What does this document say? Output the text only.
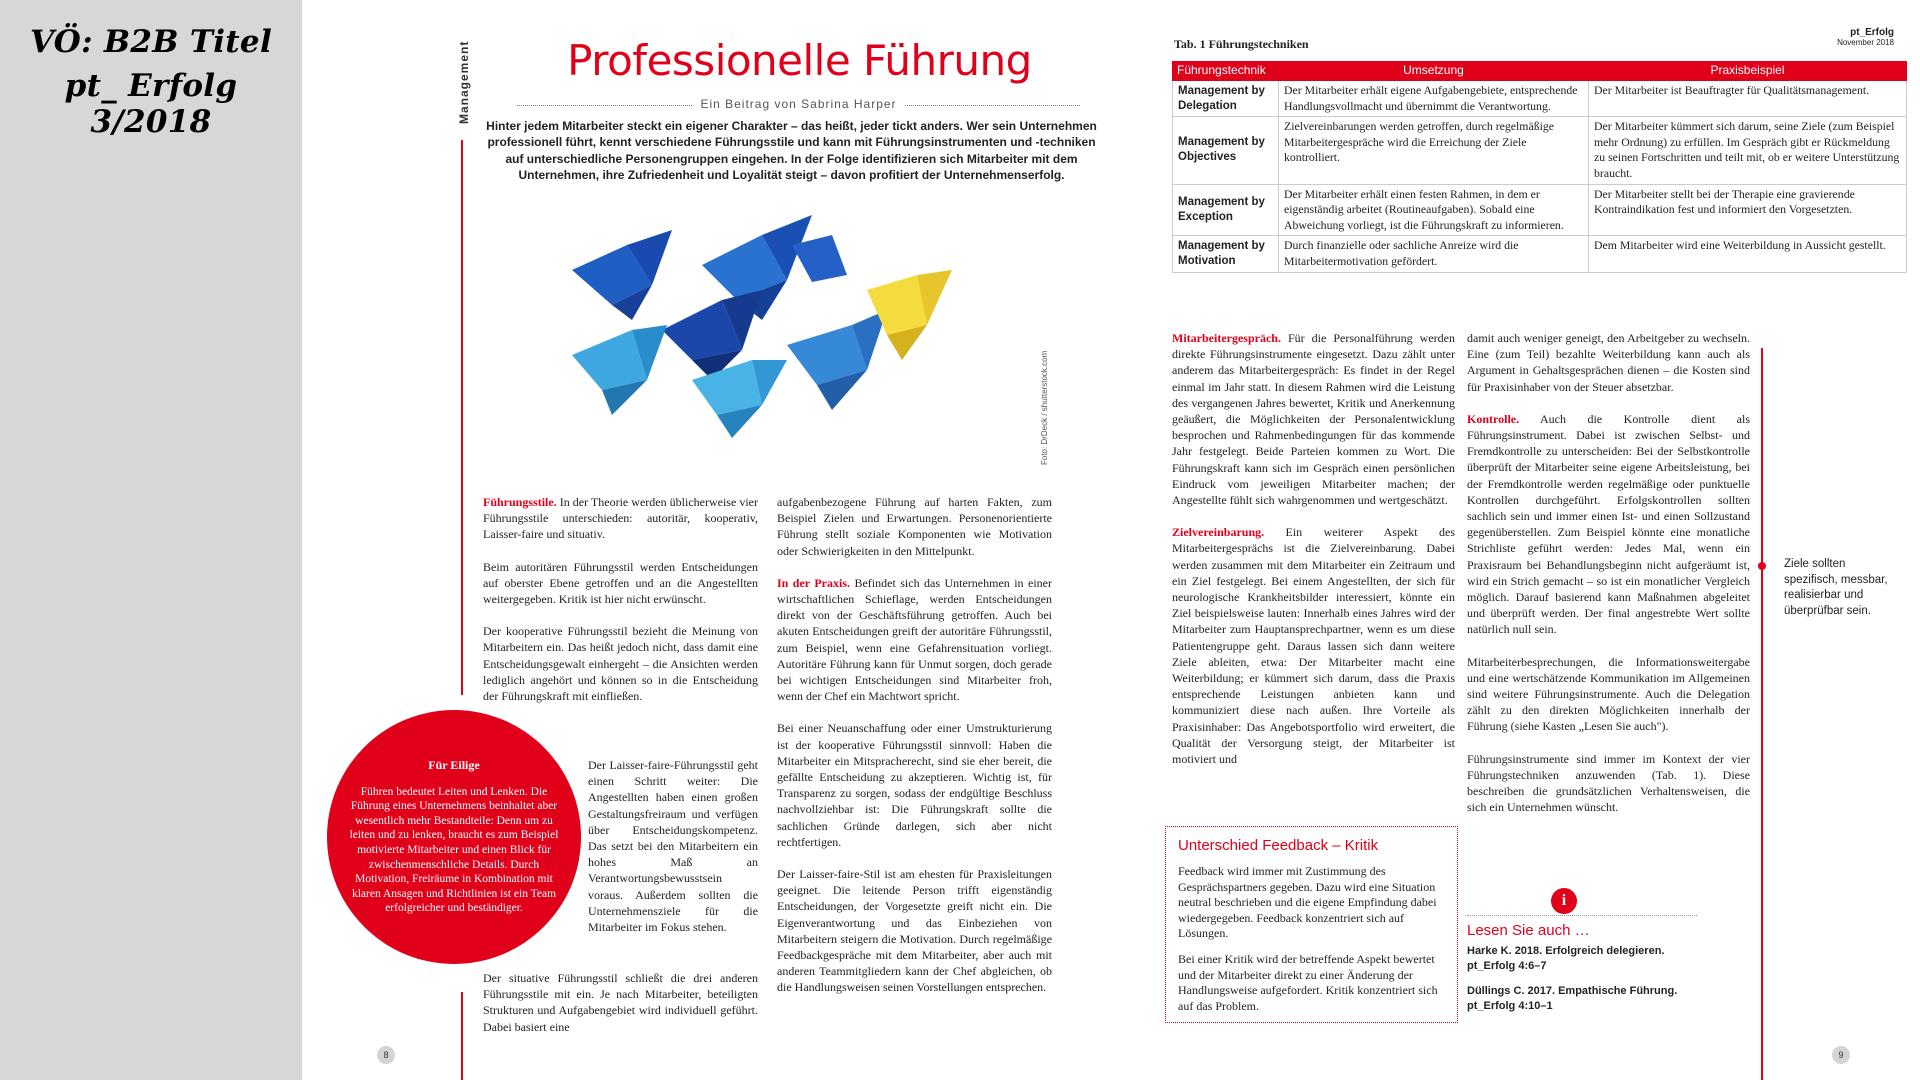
VÖ: B2B Titel
pt_ Erfolg 3/2018	Management	Professionelle Führung
Ein Beitrag von Sabrina Harper
Hinter jedem Mitarbeiter steckt ein eigener Charakter – das heißt, jeder tickt anders. Wer sein Unternehmen professionell führt, kennt verschiedene Führungsstile und kann mit Führungsinstrumenten und -techniken auf unterschiedliche Personengruppen eingehen. In der Folge identifizieren sich Mitarbeiter mit dem Unternehmen, ihre Zufriedenheit und Loyalität steigt – davon profitiert der Unternehmenserfolg.
Foto: DrDeck / shutterstock.com

Führungsstile. In der Theorie werden üblicherweise vier Führungsstile unterschieden: autoritär, kooperativ, Laisser-faire und situativ.

Beim autoritären Führungsstil werden Entscheidungen auf oberster Ebene getroffen und an die Angestellten weitergegeben. Kritik ist hier nicht erwünscht.

Der kooperative Führungsstil bezieht die Meinung von Mitarbeitern ein. Das heißt jedoch nicht, dass damit eine Entscheidungsgewalt einhergeht – die Ansichten werden lediglich angehört und können so in die Entscheidung der Führungskraft mit einfließen.

Der Laisser-faire-Führungsstil geht einen Schritt weiter: Die Angestellten haben einen großen Gestaltungsfreiraum und verfügen über Entscheidungskompetenz. Das setzt bei den Mitarbeitern ein hohes Maß an Verantwortungsbewusstsein voraus. Außerdem sollten die Unternehmensziele für die Mitarbeiter im Fokus stehen.

Der situative Führungsstil schließt die drei anderen Führungsstile mit ein. Je nach Mitarbeiter, beteiligten Strukturen und Aufgabengebiet wird individuell geführt. Dabei basiert eine

aufgabenbezogene Führung auf harten Fakten, zum Beispiel Zielen und Erwartungen. Personenorientierte Führung stellt soziale Komponenten wie Motivation oder Schwierigkeiten in den Mittelpunkt.

In der Praxis. Befindet sich das Unternehmen in einer wirtschaftlichen Schieflage, werden Entscheidungen direkt von der Geschäftsführung getroffen. Auch bei akuten Entscheidungen greift der autoritäre Führungsstil, zum Beispiel, wenn eine Gefahrensituation vorliegt. Autoritäre Führung kann für Unmut sorgen, doch gerade bei wichtigen Entscheidungen sind Mitarbeiter froh, wenn der Chef ein Machtwort spricht.

Bei einer Neuanschaffung oder einer Umstrukturierung ist der kooperative Führungsstil sinnvoll: Haben die Mitarbeiter ein Mitspracherecht, sind sie eher bereit, die gefällte Entscheidung zu akzeptieren. Wichtig ist, für Transparenz zu sorgen, sodass der endgültige Beschluss nachvollziehbar ist: Die Führungskraft sollte die sachlichen Gründe darlegen, sich aber nicht rechtfertigen.

Der Laisser-faire-Stil ist am ehesten für Praxisleitungen geeignet. Die leitende Person trifft eigenständig Entscheidungen, der Vorgesetzte greift nicht ein. Die Eigenverantwortung und das Einbeziehen von Mitarbeitern steigern die Motivation. Durch regelmäßige Feedbackgespräche mit dem Mitarbeiter, aber auch mit anderen Teammitgliedern kann der Chef abgleichen, ob die Handlungsweisen seinen Vorstellungen entsprechen.

Für Eilige
Führen bedeutet Leiten und Lenken. Die Führung eines Unternehmens beinhaltet aber wesentlich mehr Bestandteile: Denn um zu leiten und zu lenken, braucht es zum Beispiel motivierte Mitarbeiter und einen Blick für zwischenmenschliche Details. Durch Motivation, Freiräume in Kombination mit klaren Ansagen und Richtlinien ist ein Team erfolgreicher und beständiger.
8
Tab. 1 Führungstechniken
pt_Erfolg
November 2018
Führungstechnik	Umsetzung	Praxisbeispiel
Management by Delegation	Der Mitarbeiter erhält eigene Aufgabengebiete, entsprechende Handlungsvollmacht und übernimmt die Verantwortung.	Der Mitarbeiter ist Beauftragter für Qualitätsmanagement.
Management by Objectives	Zielvereinbarungen werden getroffen, durch regelmäßige Mitarbeitergespräche wird die Erreichung der Ziele kontrolliert.	Der Mitarbeiter kümmert sich darum, seine Ziele (zum Beispiel mehr Ordnung) zu erfüllen. Im Gespräch gibt er Rückmeldung zu seinen Fortschritten und teilt mit, ob er weitere Unterstützung braucht.
Management by Exception	Der Mitarbeiter erhält einen festen Rahmen, in dem er eigenständig arbeitet (Routineaufgaben). Sobald eine Abweichung vorliegt, ist die Führungskraft zu informieren.	Der Mitarbeiter stellt bei der Therapie eine gravierende Kontraindikation fest und informiert den Vorgesetzten.
Management by Motivation	Durch finanzielle oder sachliche Anreize wird die Mitarbeitermotivation gefördert.	Dem Mitarbeiter wird eine Weiterbildung in Aussicht gestellt.

Mitarbeitergespräch. Für die Personalführung werden direkte Führungsinstrumente eingesetzt. Dazu zählt unter anderem das Mitarbeitergespräch: Es findet in der Regel einmal im Jahr statt. In diesem Rahmen wird die Leistung des vergangenen Jahres bewertet, Kritik und Anerkennung geäußert, die Möglichkeiten der Personalentwicklung besprochen und Rahmenbedingungen für das kommende Jahr festgelegt. Beide Parteien kommen zu Wort. Die Führungskraft kann sich im Gespräch einen persönlichen Eindruck vom jeweiligen Mitarbeiter machen; der Angestellte fühlt sich wahrgenommen und wertgeschätzt.

Zielvereinbarung. Ein weiterer Aspekt des Mitarbeitergesprächs ist die Zielvereinbarung. Dabei werden zusammen mit dem Mitarbeiter ein Zeitraum und ein Ziel festgelegt. Bei einem Angestellten, der sich für neurologische Krankheitsbilder interessiert, könnte ein Ziel beispielsweise lauten: Innerhalb eines Jahres wird der Mitarbeiter zum Hauptansprechpartner, wenn es um diese Patientengruppe geht. Daraus lassen sich dann weitere Ziele ableiten, etwa: Der Mitarbeiter macht eine Weiterbildung; er kümmert sich darum, dass die Praxis entsprechende Leistungen anbieten kann und kommuniziert diese nach außen. Ihre Vorteile als Praxisinhaber: Das Angebotsportfolio wird erweitert, die Qualität der Versorgung steigt, der Mitarbeiter ist motiviert und

Unterschied Feedback – Kritik

Feedback wird immer mit Zustimmung des Gesprächspartners gegeben. Dazu wird eine Situation neutral beschrieben und die eigene Empfindung dabei wiedergegeben. Feedback konzentriert sich auf Lösungen.

Bei einer Kritik wird der betreffende Aspekt bewertet und der Mitarbeiter direkt zu einer Änderung der Handlungsweise aufgefordert. Kritik konzentriert sich auf das Problem.

damit auch weniger geneigt, den Arbeitgeber zu wechseln. Eine (zum Teil) bezahlte Weiterbildung kann auch als Argument in Gehaltsgesprächen dienen – die Kosten sind für Praxisinhaber von der Steuer absetzbar.

Kontrolle. Auch die Kontrolle dient als Führungsinstrument. Dabei ist zwischen Selbst- und Fremdkontrolle zu unterscheiden: Bei der Selbstkontrolle überprüft der Mitarbeiter seine eigene Arbeitsleistung, bei der Fremdkontrolle werden regelmäßige oder punktuelle Kontrollen durchgeführt. Erfolgskontrollen sollten sachlich sein und immer einen Ist- und einen Sollzustand gegenüberstellen. Zum Beispiel könnte eine monatliche Strichliste geführt werden: Jedes Mal, wenn ein Praxisraum bei Behandlungsbeginn nicht aufgeräumt ist, wird ein Strich gemacht – so ist ein monatlicher Vergleich möglich. Darauf basierend kann Maßnahmen abgeleitet und überprüft werden. Der final angestrebte Wert sollte natürlich null sein.

Mitarbeiterbesprechungen, die Informationsweitergabe und eine wertschätzende Kommunikation im Allgemeinen sind weitere Führungsinstrumente. Auch die Delegation zählt zu den direkten Möglichkeiten innerhalb der Führung (siehe Kasten „Lesen Sie auch").

Führungsinstrumente sind immer im Kontext der vier Führungstechniken anzuwenden (Tab. 1). Diese beschreiben die grundsätzlichen Verhaltensweisen, die sich ein Unternehmen wünscht.

i
Lesen Sie auch …
Harke K. 2018. Erfolgreich delegieren. pt_Erfolg 4:6–7
Düllings C. 2017. Empathische Führung. pt_Erfolg 4:10–1
Ziele sollten spezifisch, messbar, realisierbar und überprüfbar sein.
9
